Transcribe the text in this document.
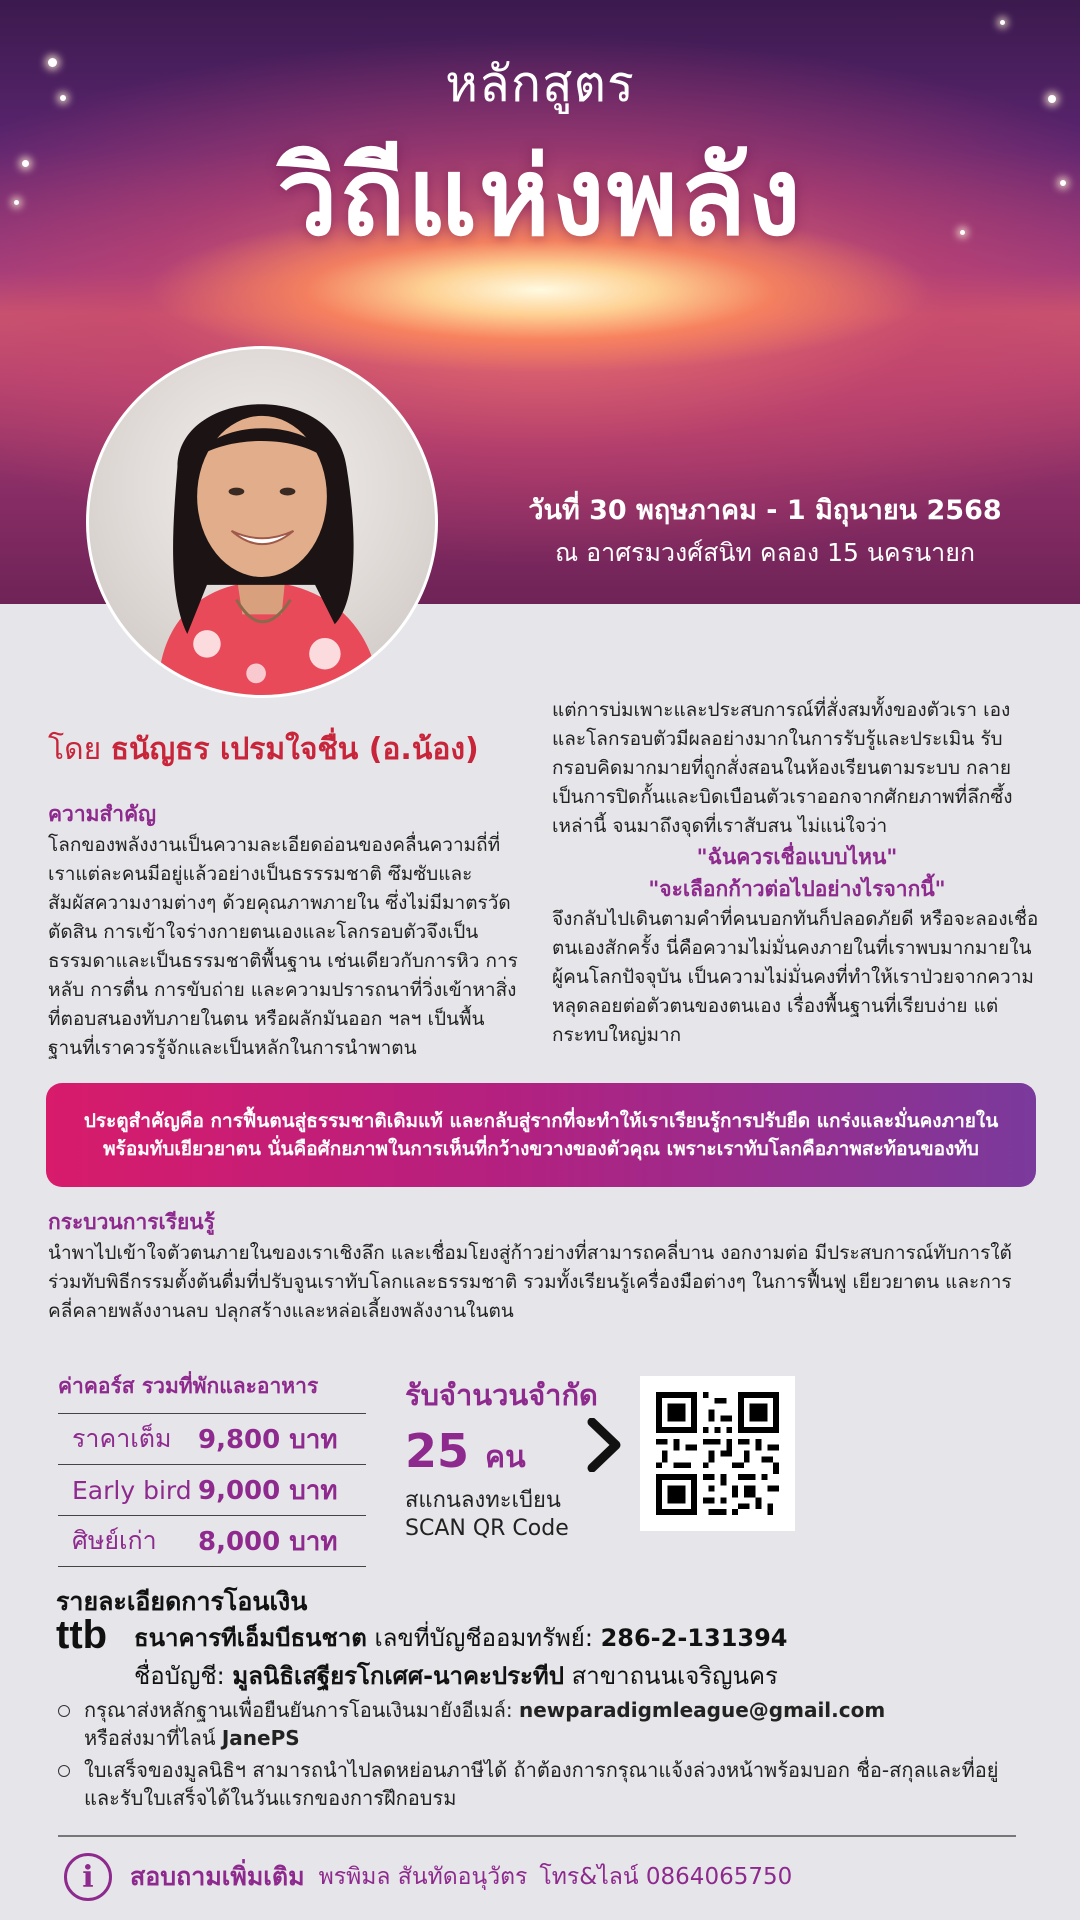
หลักสูตร
วิถีแห่งพลัง
วันที่ 30 พฤษภาคม - 1 มิถุนายน 2568
ณ อาศรมวงศ์สนิท คลอง 15 นครนายก
โดย ธนัญธร เปรมใจชื่น (อ.น้อง)
ความสำคัญ
โลกของพลังงานเป็นความละเอียดอ่อนของคลื่นความถี่ที่เราแต่ละคนมีอยู่แล้วอย่างเป็นธรรรมชาติ ซึมซับและสัมผัสความงามต่างๆ ด้วยคุณภาพภายใน ซึ่งไม่มีมาตรวัดตัดสิน การเข้าใจร่างกายตนเองและโลกรอบตัวจึงเป็นธรรมดาและเป็นธรรมชาติพื้นฐาน เช่นเดียวกับการหิว การหลับ การตื่น การขับถ่าย และความปรารถนาที่วิ่งเข้าหาสิ่งที่ตอบสนองทับภายในตน หรือผลักมันออก ฯลฯ เป็นพื้นฐานที่เราควรรู้จักและเป็นหลักในการนำพาตน
แต่การบ่มเพาะและประสบการณ์ที่สั่งสมทั้งของตัวเรา เอง และโลกรอบตัวมีผลอย่างมากในการรับรู้และประเมิน รับกรอบคิดมากมายที่ถูกสั่งสอนในห้องเรียนตามระบบ กลายเป็นการปิดกั้นและบิดเบือนตัวเราออกจากศักยภาพที่ลึกซึ้งเหล่านี้ จนมาถึงจุดที่เราสับสน ไม่แน่ใจว่า
"ฉันควรเชื่อแบบไหน"
"จะเลือกก้าวต่อไปอย่างไรจากนี้"
จึงกลับไปเดินตามคำที่คนบอกทันก็ปลอดภัยดี หรือจะลองเชื่อตนเองสักครั้ง นี่คือความไม่มั่นคงภายในที่เราพบมากมายในผู้คนโลกปัจจุบัน เป็นความไม่มั่นคงที่ทำให้เราป่วยจากความหลุดลอยต่อตัวตนของตนเอง เรื่องพื้นฐานที่เรียบง่าย แต่กระทบใหญ่มาก
ประตูสำคัญคือ การฟื้นตนสู่ธรรมชาติเดิมแท้ และกลับสู่รากที่จะทำให้เราเรียนรู้การปรับยืด แกร่งและมั่นคงภายใน พร้อมทับเยียวยาตน นั่นคือศักยภาพในการเห็นที่กว้างขวางของตัวคุณ เพราะเราทับโลกคือภาพสะท้อนของทับ
กระบวนการเรียนรู้
นำพาไปเข้าใจตัวตนภายในของเราเชิงลึก และเชื่อมโยงสู่ก้าวย่างที่สามารถคลี่บาน งอกงามต่อ มีประสบการณ์ทับการใต้ร่วมทับพิธีกรรมตั้งต้นดื่มที่ปรับจูนเราทับโลกและธรรมชาติ รวมทั้งเรียนรู้เครื่องมือต่างๆ ในการฟื้นฟู เยียวยาตน และการคลี่คลายพลังงานลบ ปลุกสร้างและหล่อเลี้ยงพลังงานในตน
ค่าคอร์ส รวมที่พักและอาหาร
ราคาเต็ม	9,800 บาท
Early bird 9,000 บาท
ศิษย์เก่า	8,000 บาท
รับจำนวนจำกัด
25 คน
สแกนลงทะเบียน
SCAN QR Code
รายละเอียดการโอนเงิน
ttb ธนาคารทีเอ็มบีธนชาต เลขที่บัญชีออมทรัพย์: 286-2-131394
ชื่อบัญชี: มูลนิธิเสฐียรโกเศศ-นาคะประทีป สาขาถนนเจริญนคร
กรุณาส่งหลักฐานเพื่อยืนยันการโอนเงินมายังอีเมล์: newparadigmleague@gmail.com
หรือส่งมาที่ไลน์ JanePS
ใบเสร็จของมูลนิธิฯ สามารถนำไปลดหย่อนภาษีได้ ถ้าต้องการกรุณาแจ้งล่วงหน้าพร้อมบอก ชื่อ-สกุลและที่อยู่ และรับใบเสร็จได้ในวันแรกของการฝึกอบรม
i	สอบถามเพิ่มเติม พรพิมล สันทัดอนุวัตร โทร&ไลน์ 0864065750
